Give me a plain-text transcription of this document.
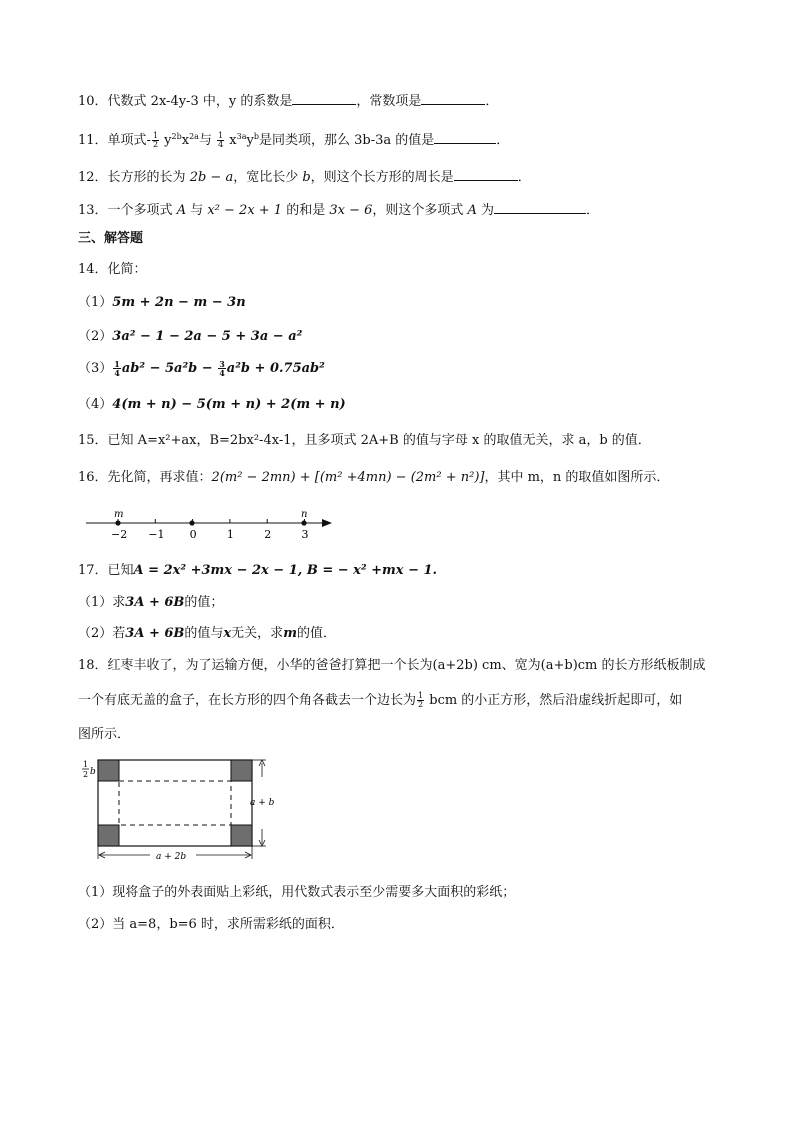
10．代数式 2x-4y-3 中，y 的系数是	，常数项是	．
11．单项式- $\frac{1}{2} y^{2b}x^{2a}$与 $\frac{1}{4} x^{3a}y^b$是同类项，那么 3b-3a 的值是	．
12．长方形的长为 2b − a，宽比长少 b，则这个长方形的周长是	．
13．一个多项式 A 与 x² − 2x + 1 的和是 3x − 6，则这个多项式 A 为	．
三、解答题
14．化简：
（1）5m + 2n − m − 3n
（2）3a² − 1 − 2a − 5 + 3a − a²
$(3) \frac{1}{4} ab^2 - 5a^2b - \frac{3}{4} a^2b + 0.75ab^2$
（4）4(m + n) − 5(m + n) + 2(m + n)
15．已知 A=x²+ax，B=2bx²-4x-1，且多项式 2A+B 的值与字母 x 的取值无关，求 a，b 的值．
16．先化简，再求值：2(m² − 2mn) + [(m² +4mn) − (2m² + n²)]，其中 m，n 的取值如图所示．
−2 −1 0	1	2	3
m	n
17．已知A = 2x² +3mx − 2x − 1, B = − x² +mx − 1.
（1）求3A + 6B的值；
（2）若3A + 6B的值与x无关，求m的值．
18．红枣丰收了，为了运输方便，小华的爸爸打算把一个长为(a+2b) cm、宽为(a+b)cm 的长方形纸板制成
一个有底无盖的盒子，在长方形的四个角各截去一个边长为 $\frac{1}{2}$ bcm 的小正方形，然后沿虚线折起即可，如
图所示．
1
2 b
a + b
a + 2b
（1）现将盒子的外表面贴上彩纸，用代数式表示至少需要多大面积的彩纸；
（2）当 a=8，b=6 时，求所需彩纸的面积．
